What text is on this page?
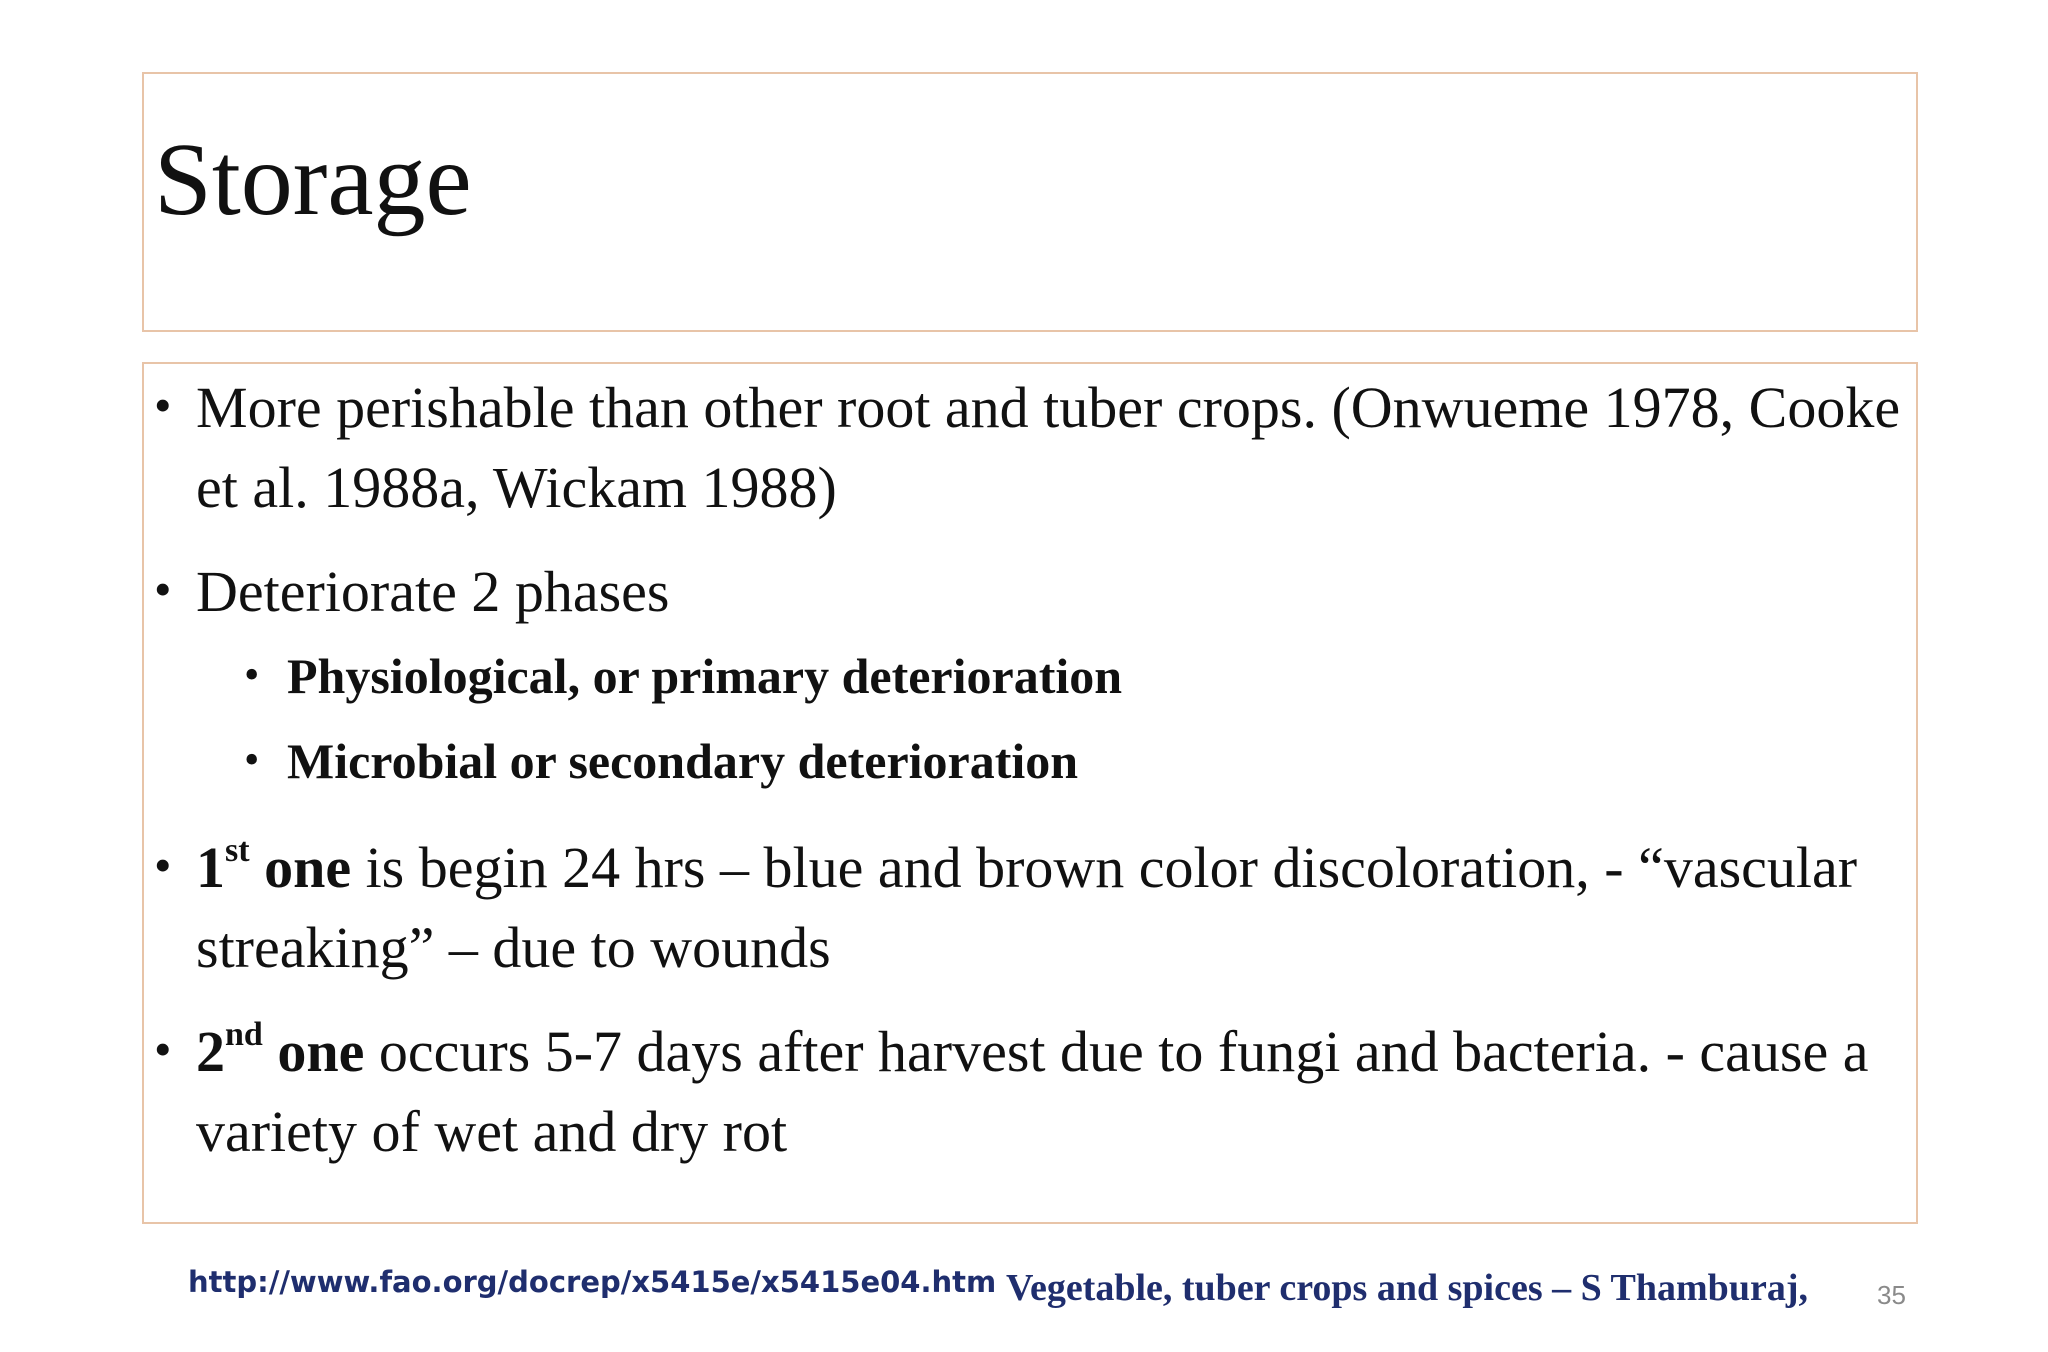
Storage
• More perishable than other root and tuber crops. (Onwueme 1978, Cooke et al. 1988a, Wickam 1988)
• Deteriorate 2 phases
• Physiological, or primary deterioration
• Microbial or secondary deterioration
• 1st one is begin 24 hrs – blue and brown color discoloration, - “vascular streaking” – due to wounds
• 2nd one occurs 5-7 days after harvest due to fungi and bacteria. - cause a variety of wet and dry rot
http://www.fao.org/docrep/x5415e/x5415e04.htm Vegetable, tuber crops and spices – S Thamburaj,	35
